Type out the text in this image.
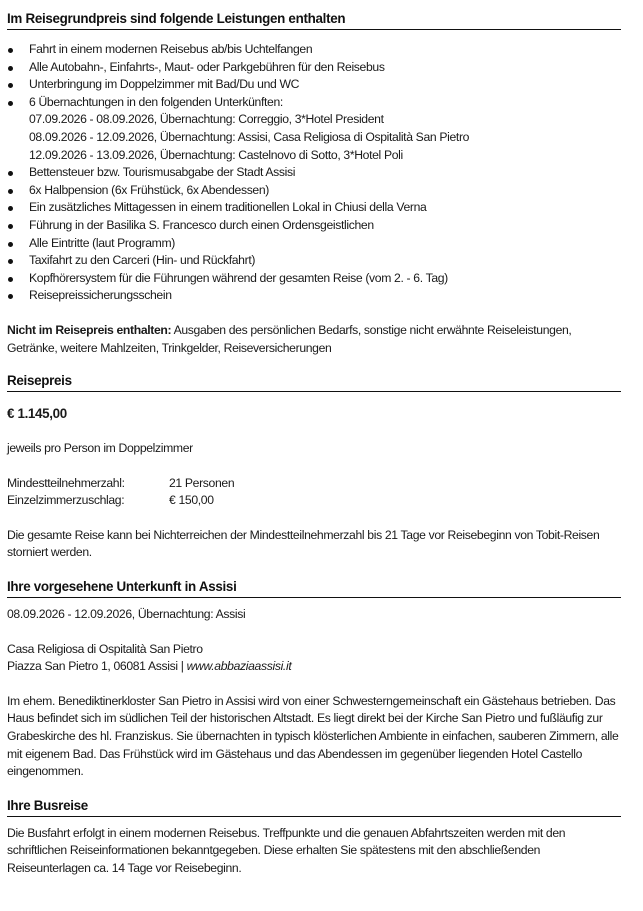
Im Reisegrundpreis sind folgende Leistungen enthalten
Fahrt in einem modernen Reisebus ab/bis Uchtelfangen
Alle Autobahn-, Einfahrts-, Maut- oder Parkgebühren für den Reisebus
Unterbringung im Doppelzimmer mit Bad/Du und WC
6 Übernachtungen in den folgenden Unterkünften:
07.09.2026 - 08.09.2026, Übernachtung: Correggio, 3*Hotel President
08.09.2026 - 12.09.2026, Übernachtung: Assisi, Casa Religiosa di Ospitalità San Pietro
12.09.2026 - 13.09.2026, Übernachtung: Castelnovo di Sotto, 3*Hotel Poli
Bettensteuer bzw. Tourismusabgabe der Stadt Assisi
6x Halbpension (6x Frühstück, 6x Abendessen)
Ein zusätzliches Mittagessen in einem traditionellen Lokal in Chiusi della Verna
Führung in der Basilika S. Francesco durch einen Ordensgeistlichen
Alle Eintritte (laut Programm)
Taxifahrt zu den Carceri (Hin- und Rückfahrt)
Kopfhörersystem für die Führungen während der gesamten Reise (vom 2. - 6. Tag)
Reisepreissicherungsschein

Nicht im Reisepreis enthalten: Ausgaben des persönlichen Bedarfs, sonstige nicht erwähnte Reiseleistungen, Getränke, weitere Mahlzeiten, Trinkgelder, Reiseversicherungen

Reisepreis
€ 1.145,00

jeweils pro Person im Doppelzimmer

Mindestteilnehmerzahl:	21 Personen
Einzelzimmerzuschlag:	€ 150,00

Die gesamte Reise kann bei Nichterreichen der Mindestteilnehmerzahl bis 21 Tage vor Reisebeginn von Tobit-Reisen storniert werden.

Ihre vorgesehene Unterkunft in Assisi

08.09.2026 - 12.09.2026, Übernachtung: Assisi

Casa Religiosa di Ospitalità San Pietro

Piazza San Pietro 1, 06081 Assisi | www.abbaziaassisi.it

Im ehem. Benediktinerkloster San Pietro in Assisi wird von einer Schwesterngemeinschaft ein Gästehaus betrieben. Das Haus befindet sich im südlichen Teil der historischen Altstadt. Es liegt direkt bei der Kirche San Pietro und fußläufig zur Grabeskirche des hl. Franziskus. Sie übernachten in typisch klösterlichen Ambiente in einfachen, sauberen Zimmern, alle mit eigenem Bad. Das Frühstück wird im Gästehaus und das Abendessen im gegenüber liegenden Hotel Castello eingenommen.

Ihre Busreise

Die Busfahrt erfolgt in einem modernen Reisebus. Treffpunkte und die genauen Abfahrtszeiten werden mit den schriftlichen Reiseinformationen bekanntgegeben. Diese erhalten Sie spätestens mit den abschließenden Reiseunterlagen ca. 14 Tage vor Reisebeginn.
